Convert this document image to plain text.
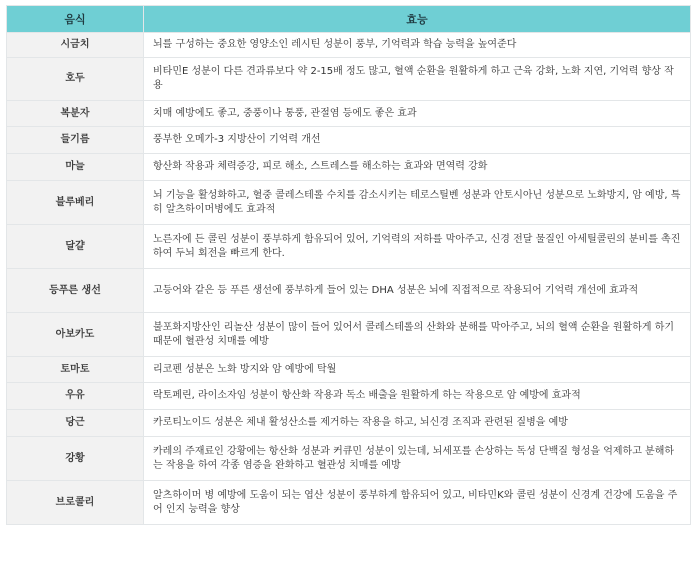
음식	효능
시금치	뇌를 구성하는 중요한 영양소인 레시틴 성분이 풍부, 기억력과 학습 능력을 높여준다
호두	비타민E 성분이 다른 견과류보다 약 2-15배 정도 많고, 혈액 순환을 원활하게 하고 근육 강화, 노화 지연, 기억력 향상 작용
복분자	치매 예방에도 좋고, 중풍이나 통풍, 관절염 등에도 좋은 효과
들기름	풍부한 오메가-3 지방산이 기억력 개선
마늘	항산화 작용과 체력증강, 피로 해소, 스트레스를 해소하는 효과와 면역력 강화
블루베리	뇌 기능을 활성화하고, 혈중 콜레스테롤 수치를 감소시키는 테로스틸벤 성분과 안토시아닌 성분으로 노화방지, 암 예방, 특히 알츠하이머병에도 효과적
달걀	노른자에 든 콜린 성분이 풍부하게 함유되어 있어, 기억력의 저하를 막아주고, 신경 전달 물질인 아세틸콜린의 분비를 촉진하여 두뇌 회전을 빠르게 한다.
등푸른 생선	고등어와 같은 등 푸른 생선에 풍부하게 들어 있는 DHA 성분은 뇌에 직접적으로 작용되어 기억력 개선에 효과적
아보카도	불포화지방산인 리놀산 성분이 많이 들어 있어서 콜레스테롤의 산화와 분해를 막아주고, 뇌의 혈액 순환을 원활하게 하기 때문에 혈관성 치매를 예방
토마토	리코펜 성분은 노화 방지와 암 예방에 탁월
우유	락토페린, 라이소자임 성분이 항산화 작용과 독소 배출을 원활하게 하는 작용으로 암 예방에 효과적
당근	카로티노이드 성분은 체내 활성산소를 제거하는 작용을 하고, 뇌신경 조직과 관련된 질병을 예방
강황	카레의 주재료인 강황에는 항산화 성분과 커큐민 성분이 있는데, 뇌세포를 손상하는 독성 단백질 형성을 억제하고 분해하는 작용을 하여 각종 염증을 완화하고 혈관성 치매를 예방
브로콜리	알츠하이머 병 예방에 도움이 되는 엽산 성분이 풍부하게 함유되어 있고, 비타민K와 콜린 성분이 신경계 건강에 도움을 주어 인지 능력을 향상
